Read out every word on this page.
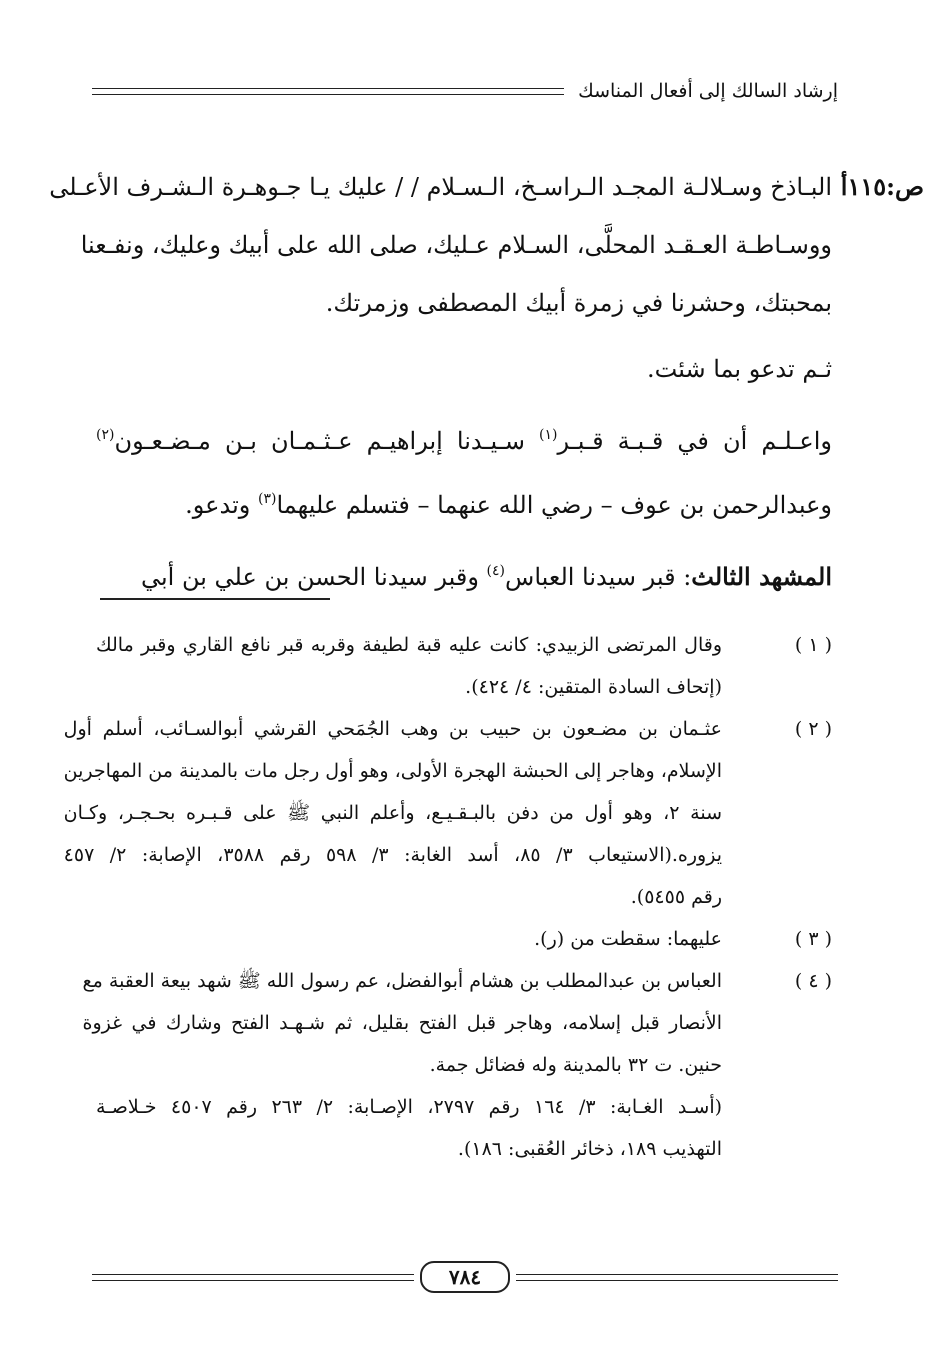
إرشاد السالك إلى أفعال المناسك
ص:١١٥أ
البـاذخ وسـلالـة المجـد الـراسـخ، الـسـلام / / عليك يـا جـوهـرة الـشـرف الأعـلى
ووسـاطـة العـقـد المحلَّى، السـلام عـليك، صلى الله على أبيك وعليك، ونفـعنا
بمحبتك، وحشرنا في زمرة أبيك المصطفى وزمرتك.
ثـم تدعو بما شئت.
واعـلـم أن في قـبـة قـبـر$^{(١)}$ سـيـدنا إبراهيـم عـثـمـان بـن مـضـعـون$^{(٢)}$
وعبدالرحمن بن عوف – رضي الله عنهما – فتسلم عليهما$^{(٣)}$ وتدعو.
المشهد الثالث: قبر سيدنا العباس$^{(٤)}$ وقبر سيدنا الحسن بن علي بن أبي
( ١ )
وقال المرتضى الزبيدي: كانت عليه قبة لطيفة وقربه قبر نافع القاري وقبر مالك
(إتحاف السادة المتقين: ٤/ ٤٢٤).
( ٢ )
عثـمان بن مضـعون بن حبيب بن وهب الجُمَحي القرشي أبوالسـائب، أسلم أول
الإسلام، وهاجر إلى الحبشة الهجرة الأولى، وهو أول رجل مات بالمدينة من المهاجرين
سنة ٢، وهو أول من دفن بالبـقـيـع، وأعلم النبي ﷺ على قـبـره بحـجـر، وكـان
يزوره.(الاستيعاب ٣/ ٨٥، أسد الغابة: ٣/ ٥٩٨ رقم ٣٥٨٨، الإصابة: ٢/ ٤٥٧
رقم ٥٤٥٥).
( ٣ )
عليهما: سقطت من (ر).
( ٤ )
العباس بن عبدالمطلب بن هشام أبوالفضل، عم رسول الله ﷺ شهد بيعة العقبة مع
الأنصار قبل إسلامه، وهاجر قبل الفتح بقليل، ثم شـهـد الفتح وشارك في غزوة
حنين. ت ٣٢ بالمدينة وله فضائل جمة.
(أسـد الغـابة: ٣/ ١٦٤ رقم ٢٧٩٧، الإصـابة: ٢/ ٢٦٣ رقم ٤٥٠٧ خـلاصـة
التهذيب ١٨٩، ذخائر العُقبى: ١٨٦).
٧٨٤
